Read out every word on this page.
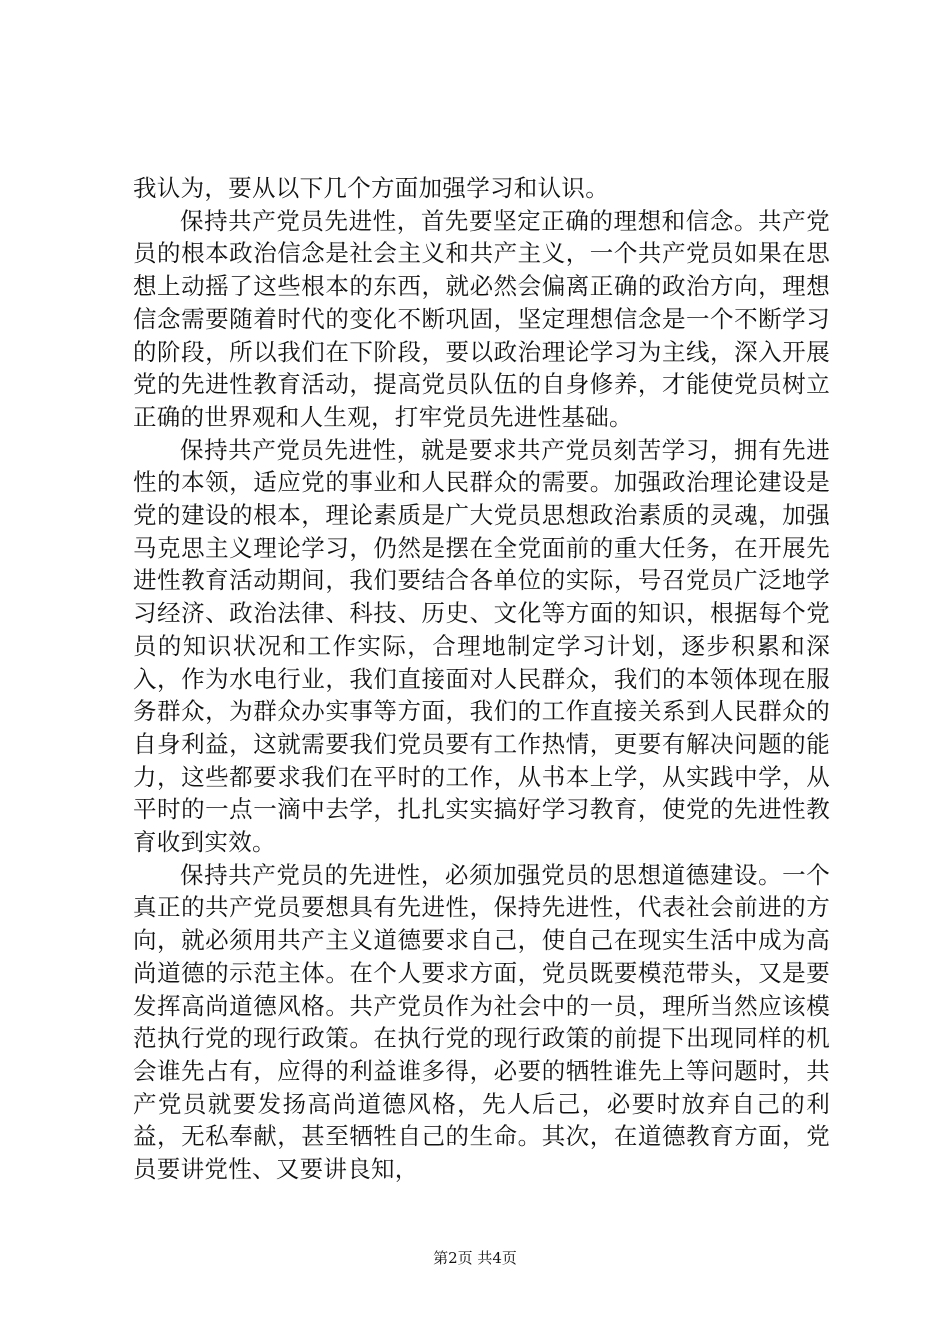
我认为，要从以下几个方面加强学习和认识。

保持共产党员先进性，首先要坚定正确的理想和信念。共产党员的根本政治信念是社会主义和共产主义，一个共产党员如果在思想上动摇了这些根本的东西，就必然会偏离正确的政治方向，理想信念需要随着时代的变化不断巩固，坚定理想信念是一个不断学习的阶段，所以我们在下阶段，要以政治理论学习为主线，深入开展党的先进性教育活动，提高党员队伍的自身修养，才能使党员树立正确的世界观和人生观，打牢党员先进性基础。

保持共产党员先进性，就是要求共产党员刻苦学习，拥有先进性的本领，适应党的事业和人民群众的需要。加强政治理论建设是党的建设的根本，理论素质是广大党员思想政治素质的灵魂，加强马克思主义理论学习，仍然是摆在全党面前的重大任务，在开展先进性教育活动期间，我们要结合各单位的实际，号召党员广泛地学习经济、政治法律、科技、历史、文化等方面的知识，根据每个党员的知识状况和工作实际，合理地制定学习计划，逐步积累和深入，作为水电行业，我们直接面对人民群众，我们的本领体现在服务群众，为群众办实事等方面，我们的工作直接关系到人民群众的自身利益，这就需要我们党员要有工作热情，更要有解决问题的能力，这些都要求我们在平时的工作，从书本上学，从实践中学，从平时的一点一滴中去学，扎扎实实搞好学习教育，使党的先进性教育收到实效。

保持共产党员的先进性，必须加强党员的思想道德建设。一个真正的共产党员要想具有先进性，保持先进性，代表社会前进的方向，就必须用共产主义道德要求自己，使自己在现实生活中成为高尚道德的示范主体。在个人要求方面，党员既要模范带头，又是要发挥高尚道德风格。共产党员作为社会中的一员，理所当然应该模范执行党的现行政策。在执行党的现行政策的前提下出现同样的机会谁先占有，应得的利益谁多得，必要的牺牲谁先上等问题时，共产党员就要发扬高尚道德风格，先人后己，必要时放弃自己的利益，无私奉献，甚至牺牲自己的生命。其次，在道德教育方面，党员要讲党性、又要讲良知，

第2页 共4页
